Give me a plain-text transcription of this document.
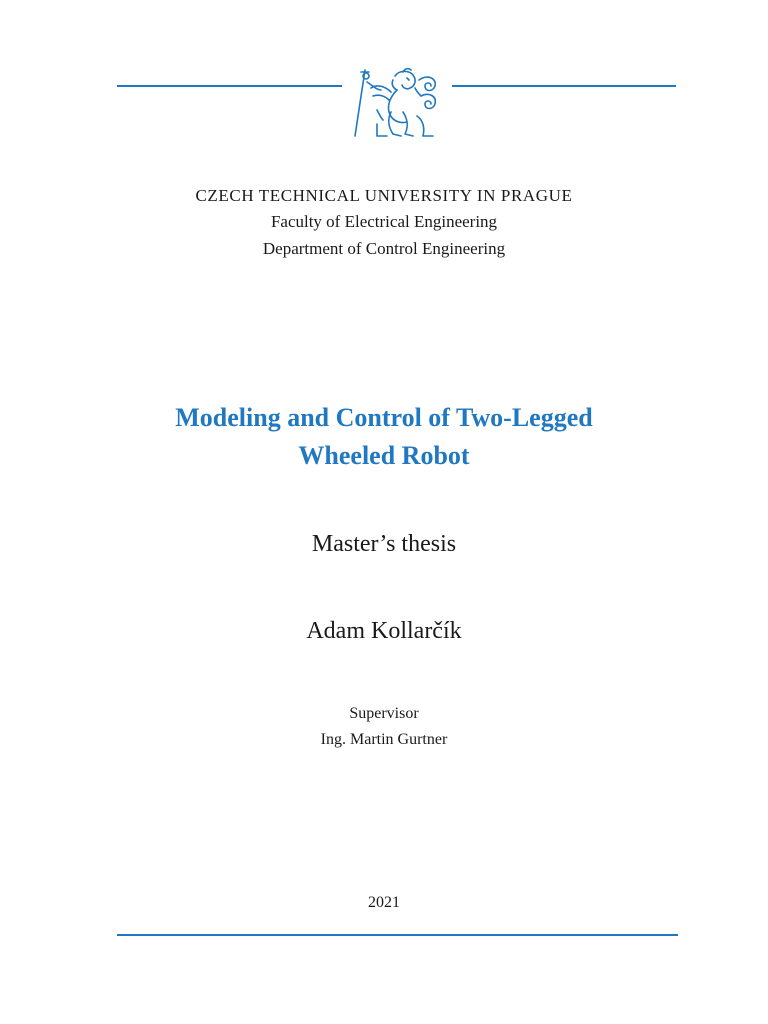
CZECH TECHNICAL UNIVERSITY IN PRAGUE
Faculty of Electrical Engineering
Department of Control Engineering
Modeling and Control of Two-Legged
Wheeled Robot
Master’s thesis
Adam Kollarčík
Supervisor
Ing. Martin Gurtner
2021
